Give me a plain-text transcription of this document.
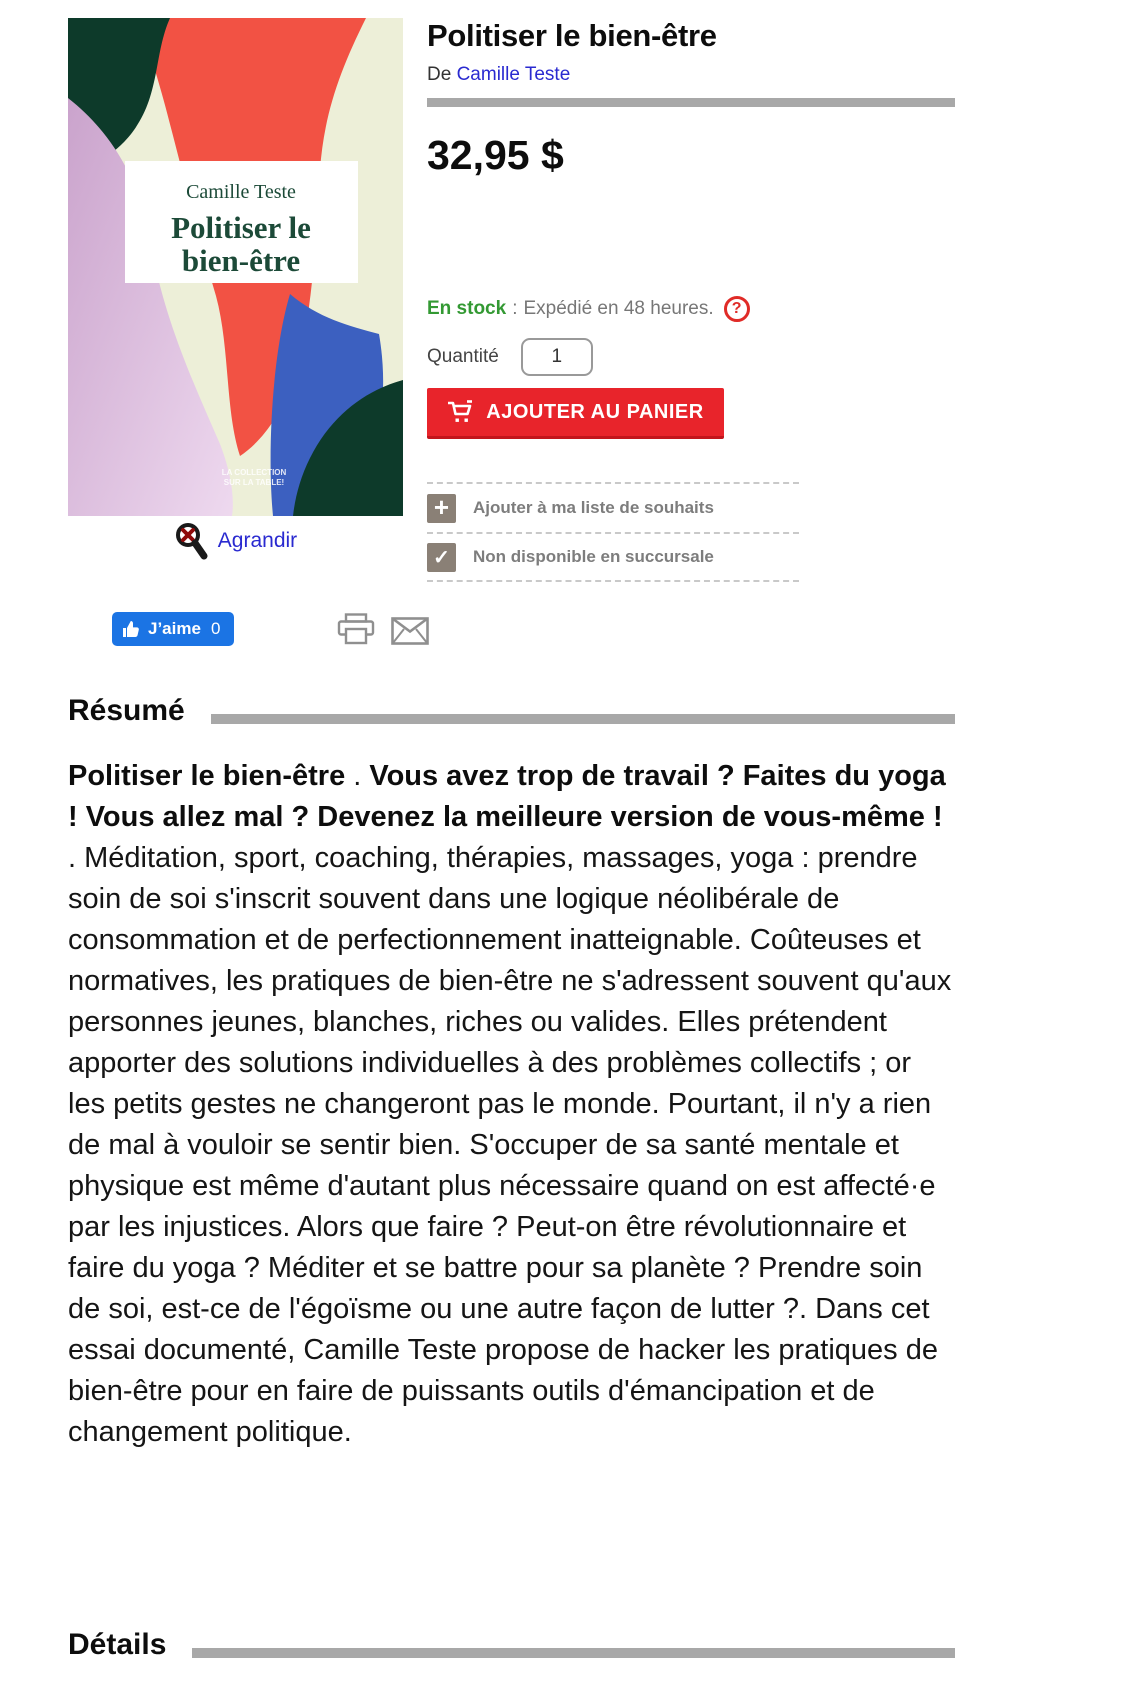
Camille Teste
Politiser le
bien-être
LA COLLECTION
SUR LA TABLE!
Agrandir
Politiser le bien-être
De Camille Teste
32,95 $
En stock : Expédié en 48 heures.	?
Quantité
1
AJOUTER AU PANIER
+	Ajouter à ma liste de souhaits
✓	Non disponible en succursale
J’aime 0
Résumé
Politiser le bien-être . Vous avez trop de travail ? Faites du yoga ! Vous allez mal ? Devenez la meilleure version de vous-même ! . Méditation, sport, coaching, thérapies, massages, yoga : prendre soin de soi s'inscrit souvent dans une logique néolibérale de consommation et de perfectionnement inatteignable. Coûteuses et normatives, les pratiques de bien-être ne s'adressent souvent qu'aux personnes jeunes, blanches, riches ou valides. Elles prétendent apporter des solutions individuelles à des problèmes collectifs ; or les petits gestes ne changeront pas le monde. Pourtant, il n'y a rien de mal à vouloir se sentir bien. S'occuper de sa santé mentale et physique est même d'autant plus nécessaire quand on est affecté·e par les injustices. Alors que faire ? Peut-on être révolutionnaire et faire du yoga ? Méditer et se battre pour sa planète ? Prendre soin de soi, est-ce de l'égoïsme ou une autre façon de lutter ?. Dans cet essai documenté, Camille Teste propose de hacker les pratiques de bien-être pour en faire de puissants outils d'émancipation et de changement politique.
Détails
